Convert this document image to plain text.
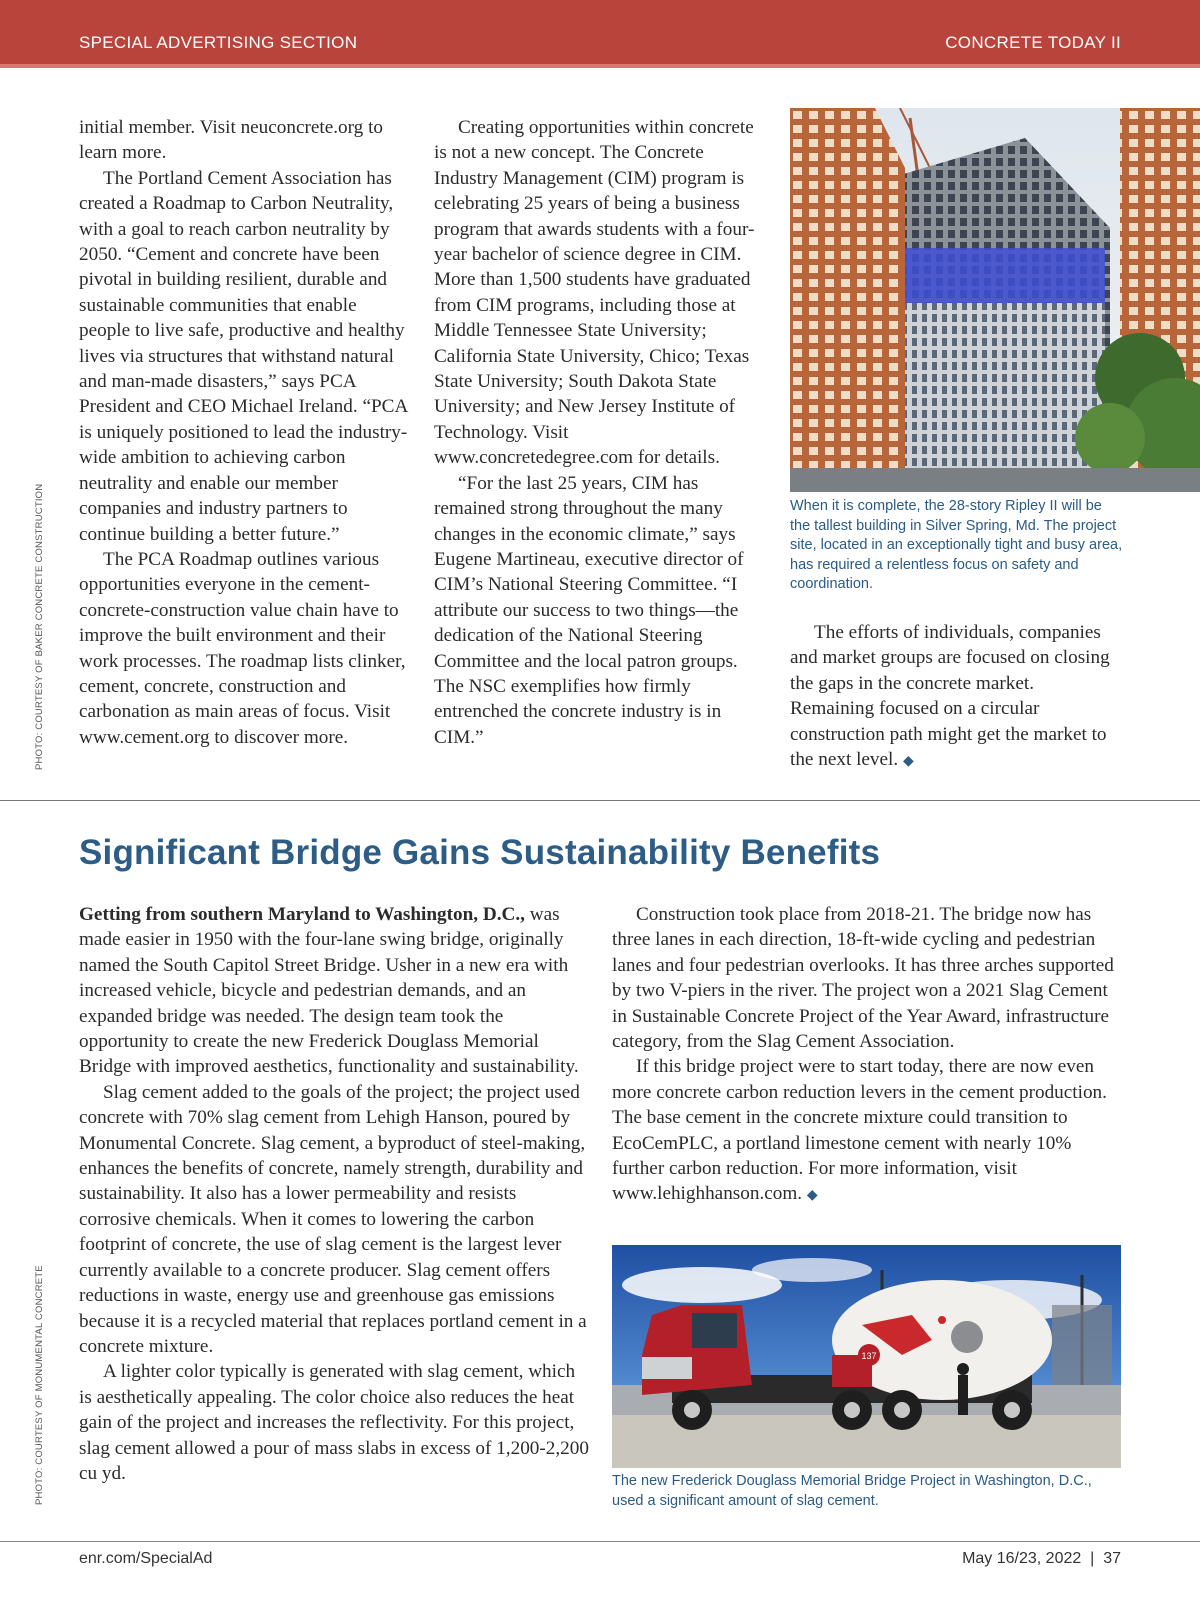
SPECIAL ADVERTISING SECTION	CONCRETE TODAY II
PHOTO: COURTESY OF BAKER CONCRETE CONSTRUCTION

initial member. Visit neuconcrete.org to learn more.

The Portland Cement Association has created a Roadmap to Carbon Neutrality, with a goal to reach carbon neutrality by 2050. “Cement and concrete have been pivotal in building resilient, durable and sustainable communities that enable people to live safe, productive and healthy lives via structures that withstand natural and man-made disasters,” says PCA President and CEO Michael Ireland. “PCA is uniquely positioned to lead the industry-wide ambition to achieving carbon neutrality and enable our member companies and industry partners to continue building a better future.”

The PCA Roadmap outlines various opportunities everyone in the cement-concrete-construction value chain have to improve the built environment and their work processes. The roadmap lists clinker, cement, concrete, construction and carbonation as main areas of focus. Visit www.cement.org to discover more.

Creating opportunities within concrete is not a new concept. The Concrete Industry Management (CIM) program is celebrating 25 years of being a business program that awards students with a four-year bachelor of science degree in CIM. More than 1,500 students have graduated from CIM programs, including those at Middle Tennessee State University; California State University, Chico; Texas State University; South Dakota State University; and New Jersey Institute of Technology. Visit www.concretedegree.com for details.

“For the last 25 years, CIM has remained strong throughout the many changes in the economic climate,” says Eugene Martineau, executive director of CIM’s National Steering Committee. “I attribute our success to two things—the dedication of the National Steering Committee and the local patron groups. The NSC exemplifies how firmly entrenched the concrete industry is in CIM.”

When it is complete, the 28-story Ripley II will be the tallest building in Silver Spring, Md. The project site, located in an exceptionally tight and busy area, has required a relentless focus on safety and coordination.

The efforts of individuals, companies and market groups are focused on closing the gaps in the concrete market. Remaining focused on a circular construction path might get the market to the next level. ◆

Significant Bridge Gains Sustainability Benefits
PHOTO: COURTESY OF MONUMENTAL CONCRETE

Getting from southern Maryland to Washington, D.C., was made easier in 1950 with the four-lane swing bridge, originally named the South Capitol Street Bridge. Usher in a new era with increased vehicle, bicycle and pedestrian demands, and an expanded bridge was needed. The design team took the opportunity to create the new Frederick Douglass Memorial Bridge with improved aesthetics, functionality and sustainability.

Slag cement added to the goals of the project; the project used concrete with 70% slag cement from Lehigh Hanson, poured by Monumental Concrete. Slag cement, a byproduct of steel-making, enhances the benefits of concrete, namely strength, durability and sustainability. It also has a lower permeability and resists corrosive chemicals. When it comes to lowering the carbon footprint of concrete, the use of slag cement is the largest lever currently available to a concrete producer. Slag cement offers reductions in waste, energy use and greenhouse gas emissions because it is a recycled material that replaces portland cement in a concrete mixture.

A lighter color typically is generated with slag cement, which is aesthetically appealing. The color choice also reduces the heat gain of the project and increases the reflectivity. For this project, slag cement allowed a pour of mass slabs in excess of 1,200-2,200 cu yd.

Construction took place from 2018-21. The bridge now has three lanes in each direction, 18-ft-wide cycling and pedestrian lanes and four pedestrian overlooks. It has three arches supported by two V-piers in the river. The project won a 2021 Slag Cement in Sustainable Concrete Project of the Year Award, infrastructure category, from the Slag Cement Association.

If this bridge project were to start today, there are now even more concrete carbon reduction levers in the cement production. The base cement in the concrete mixture could transition to EcoCemPLC, a portland limestone cement with nearly 10% further carbon reduction. For more information, visit www.lehighhanson.com. ◆

137
The new Frederick Douglass Memorial Bridge Project in Washington, D.C., used a significant amount of slag cement.
enr.com/SpecialAd	May 16/23, 2022  |  37
